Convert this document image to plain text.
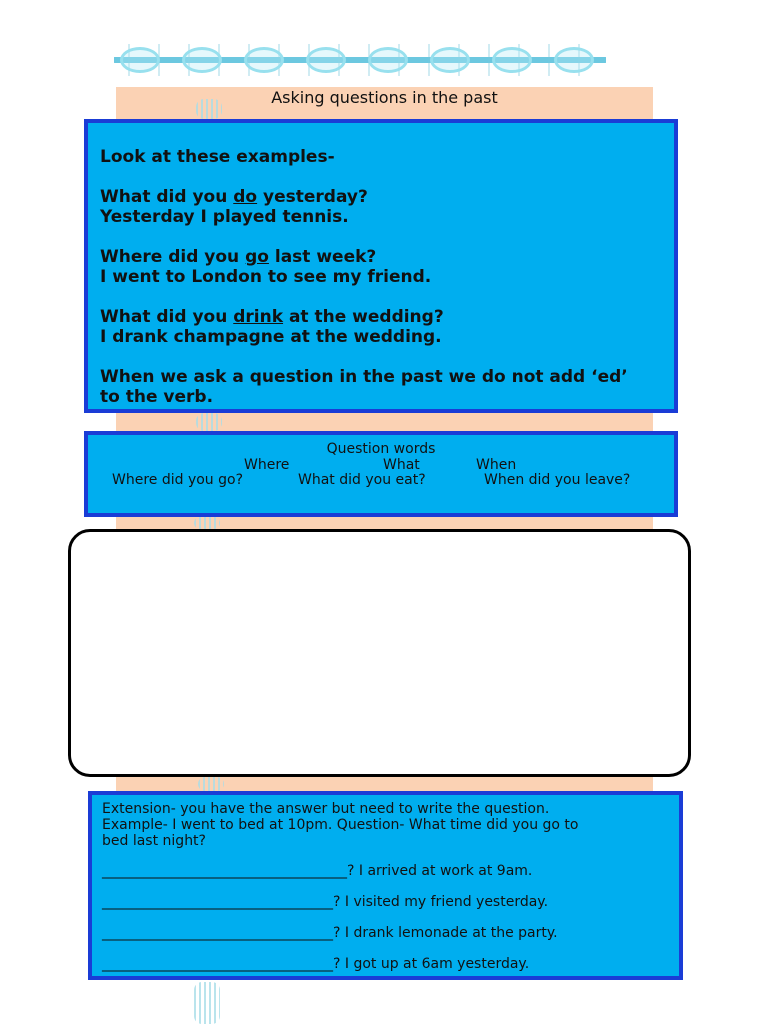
Asking questions in the past
Look at these examples-
What did you do yesterday?
Yesterday I played tennis.
Where did you go last week?
I went to London to see my friend.
What did you drink at the wedding?
I drank champagne at the wedding.
When we ask a question in the past we do not add ‘ed’
to the verb.
Question words
Where	What	When
Where did you go?	What did you eat?	When did you leave?
Extension- you have the answer but need to write the question.
Example- I went to bed at 10pm. Question- What time did you go to
bed last night?
___________________________________? I arrived at work at 9am.
_________________________________? I visited my friend yesterday.
_________________________________? I drank lemonade at the party.
_________________________________? I got up at 6am yesterday.
